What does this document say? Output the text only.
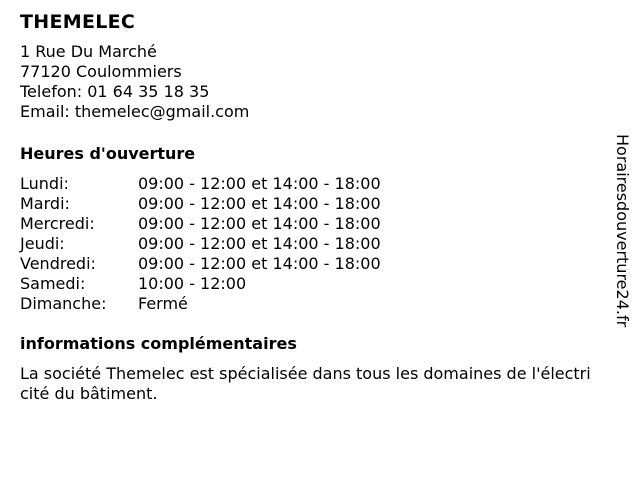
THEMELEC
1 Rue Du Marché
77120 Coulommiers
Telefon: 01 64 35 18 35
Email: themelec@gmail.com
Heures d'ouverture
Lundi:	09:00 - 12:00 et 14:00 - 18:00
Mardi:	09:00 - 12:00 et 14:00 - 18:00
Mercredi:	09:00 - 12:00 et 14:00 - 18:00
Jeudi:	09:00 - 12:00 et 14:00 - 18:00
Vendredi:	09:00 - 12:00 et 14:00 - 18:00
Samedi:	10:00 - 12:00
Dimanche:	Fermé
informations complémentaires
La société Themelec est spécialisée dans tous les domaines de l'électricité du bâtiment.
Horairesdouverture24.fr
